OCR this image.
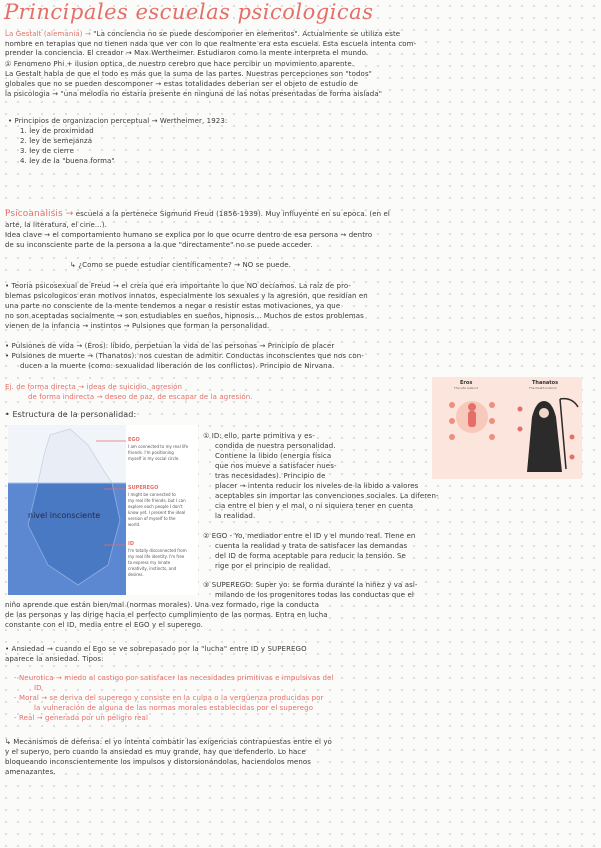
Principales escuelas psicologicas
La Gestalt (alemania) → "La conciencia no se puede descomponer en elementos". Actualmente se utiliza este
nombre en terapias que no tienen nada que ver con lo que realmente era esta escuela. Esta escuela intenta com-
prender la conciencia. El creador → Max Wertheimer. Estudiaron como la mente interpreta el mundo.
① Fenomeno Phi + ilusion optica, de nuestro cerebro que hace percibir un movimiento aparente.
La Gestalt habla de que el todo es más que la suma de las partes. Nuestras percepciones son "todos"
globales que no se pueden descomponer → estas totalidades deberian ser el objeto de estudio de
la psicologia → "una melodía no estaría presente en ninguna de las notas presentadas de forma aislada"
• Principios de organizacion perceptual → Wertheimer, 1923:
1. ley de proximidad
2. ley de semejanza
3. ley de cierre
4. ley de la "buena forma"
Psicoanalisis → escuela a la pertenece Sigmund Freud (1856-1939). Muy influyente en su epoca. (en el
arte, la literatura, el cine...).
Idea clave → el comportamiento humano se explica por lo que ocurre dentro de esa persona → dentro
de su inconsciente parte de la persona a la que "directamente" no se puede acceder.
↳ ¿Como se puede estudiar científicamente? → NO se puede.
• Teoria psicosexual de Freud → el creía que era importante lo que NO decíamos. La raíz de pro-
blemas psicologicos eran motivos innatos, especialmente los sexuales y la agresión, que residían en
una parte no consciente de la mente tendemos a negar o resistir estas motivaciones, ya que
no son aceptadas socialmente → son estudiables en sueños, hipnosis... Muchos de estos problemas
vienen de la infancia → instintos → Pulsiones que forman la personalidad.
• Pulsiones de vida → (Eros): libido, perpetuan la vida de las personas → Principio de placer
• Pulsiones de muerte → (Thanatos): nos cuestan de admitir. Conductas inconscientes que nos con-
ducen a la muerte (como: sexualidad liberación de los conflictos). Principio de Nirvana.
Ej. de forma directa → ideas de suicidio, agresión
de forma indirecta → deseo de paz, de escapar de la agresión.
• Estructura de la personalidad:
nivel inconsciente
EGO
I am connected to my real life
friends. I'm positioning
myself in my social circle.
SUPEREGO
I might be connected to
my real life friends, but I can
explore each people I don't
know yet. I present the ideal
version of myself to the
world.
ID
I'm totally disconnected from
my real life identity. I'm free
to express my innate
creativity, instincts, and
desires.
Eros
The Life Instinct
Thanatos
The Death Instinct
① ID: ello, parte primitiva y es-
condida de nuestra personalidad.
Contiene la libido (energia física
que nos mueve a satisfacer nues-
tras necesidades). Principio de
placer → intenta reducir los niveles de la libido a valores
aceptables sin importar las convenciones sociales. La diferen-
cia entre el bien y el mal, o ni siquiera tener en cuenta
la realidad.
② EGO - Yo, mediador entre el ID y el mundo real. Tiene en
cuenta la realidad y trata de satisfacer las demandas
del ID de forma aceptable para reducir la tensión. Se
rige por el principio de realidad.
③ SUPEREGO: Super yo: se forma durante la niñez y va asi-
milando de los progenitores todas las conductas que el
niño aprende que están bien/mal (normas morales). Una vez formado, rige la conducta
de las personas y las dirige hacia el perfecto cumplimiento de las normas. Entra en lucha
constante con el ID, media entre el EGO y el superego.
• Ansiedad → cuando el Ego se ve sobrepasado por la "lucha" entre ID y SUPEREGO
aparece la ansiedad. Tipos:
- Neurotica → miedo al castigo por satisfacer las necesidades primitivas e impulsivas del
ID
- Moral → se deriva del superego y consiste en la culpa o la vergüenza producidas por
la vulneración de alguna de las normas morales establecidas por el superego
- Real → generada por un peligro real
↳ Mecanismos de defensa: el yo intenta combatir las exigencias contrapuestas entre el yo
y el superyo, pero cuando la ansiedad es muy grande, hay que defenderlo. Lo hace
bloqueando inconscientemente los impulsos y distorsionándolas, haciendolos menos
amenazantes.
